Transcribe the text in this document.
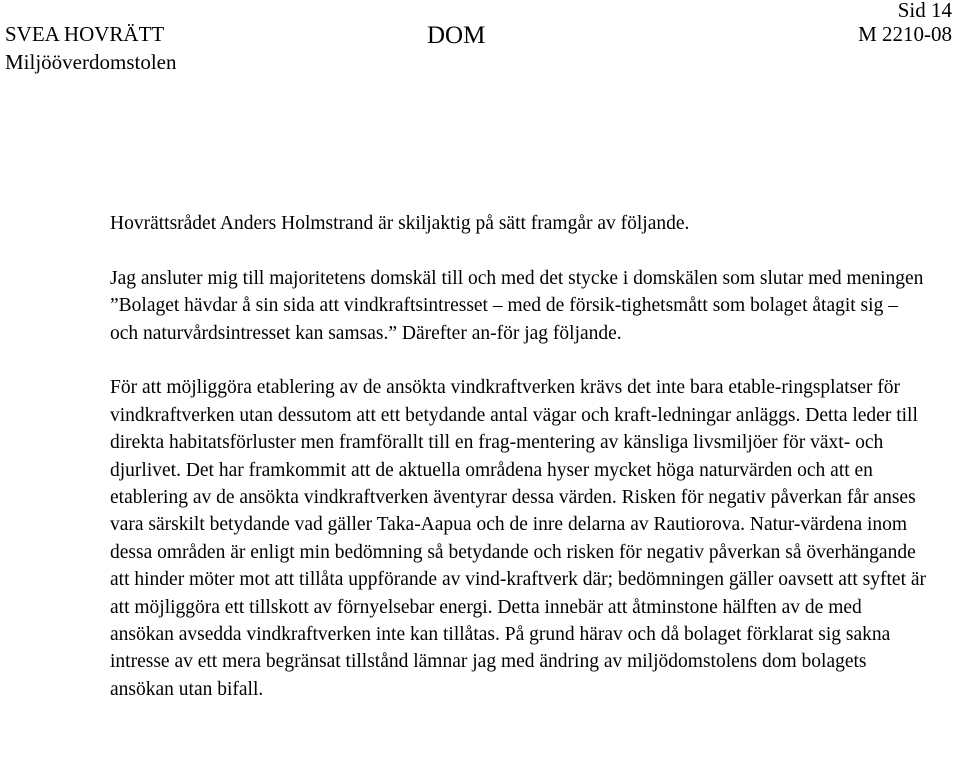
SVEA HOVRÄTT
Miljööverdomstolen
DOM
Sid 14
M 2210-08

Hovrättsrådet Anders Holmstrand är skiljaktig på sätt framgår av följande.

Jag ansluter mig till majoritetens domskäl till och med det stycke i domskälen som slutar med meningen ”Bolaget hävdar å sin sida att vindkraftsintresset – med de försik-tighetsmått som bolaget åtagit sig – och naturvårdsintresset kan samsas.” Därefter an-för jag följande.

För att möjliggöra etablering av de ansökta vindkraftverken krävs det inte bara etable-ringsplatser för vindkraftverken utan dessutom att ett betydande antal vägar och kraft-ledningar anläggs. Detta leder till direkta habitatsförluster men framförallt till en frag-mentering av känsliga livsmiljöer för växt- och djurlivet. Det har framkommit att de aktuella områdena hyser mycket höga naturvärden och att en etablering av de ansökta vindkraftverken äventyrar dessa värden. Risken för negativ påverkan får anses vara särskilt betydande vad gäller Taka-Aapua och de inre delarna av Rautiorova. Natur-värdena inom dessa områden är enligt min bedömning så betydande och risken för negativ påverkan så överhängande att hinder möter mot att tillåta uppförande av vind-kraftverk där; bedömningen gäller oavsett att syftet är att möjliggöra ett tillskott av förnyelsebar energi. Detta innebär att åtminstone hälften av de med ansökan avsedda vindkraftverken inte kan tillåtas. På grund härav och då bolaget förklarat sig sakna intresse av ett mera begränsat tillstånd lämnar jag med ändring av miljödomstolens dom bolagets ansökan utan bifall.
